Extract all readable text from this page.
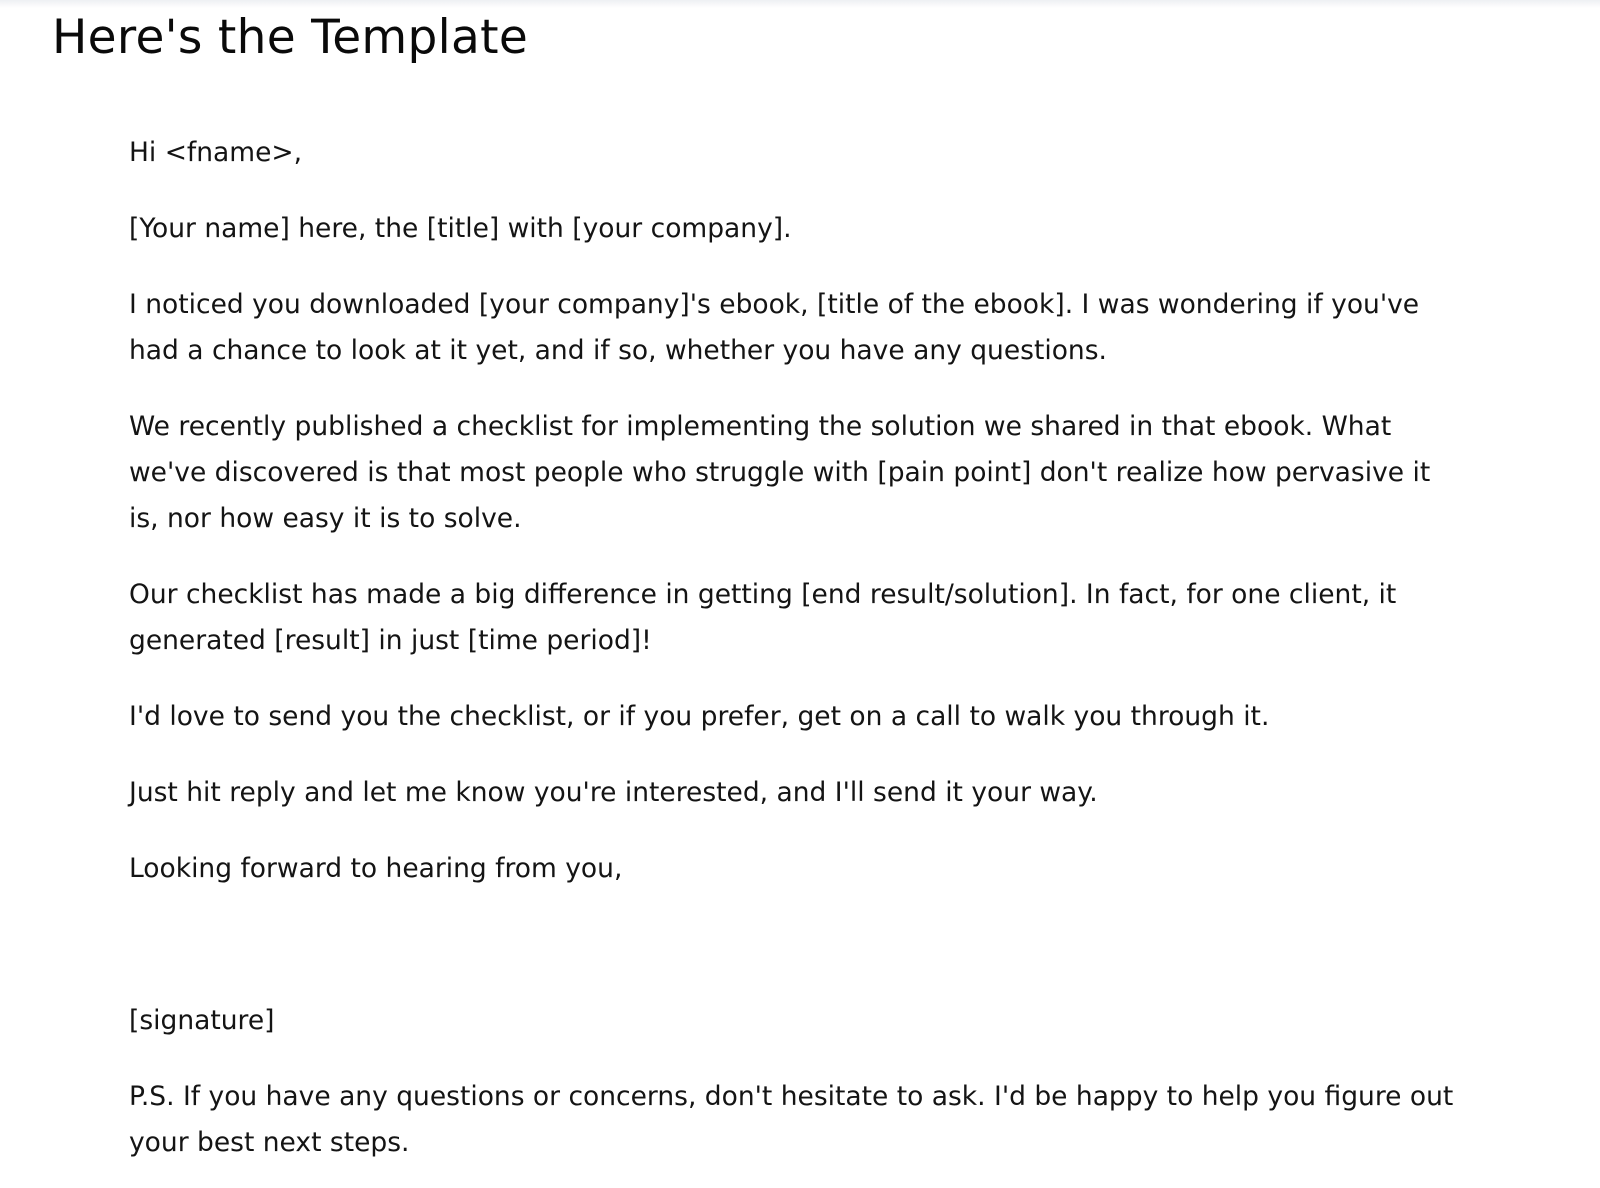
Here's the Template

Hi <fname>,

[Your name] here, the [title] with [your company].

I noticed you downloaded [your company]'s ebook, [title of the ebook]. I was wondering if you've had a chance to look at it yet, and if so, whether you have any questions.

We recently published a checklist for implementing the solution we shared in that ebook. What we've discovered is that most people who struggle with [pain point] don't realize how pervasive it is, nor how easy it is to solve.

Our checklist has made a big difference in getting [end result/solution]. In fact, for one client, it generated [result] in just [time period]!

I'd love to send you the checklist, or if you prefer, get on a call to walk you through it.

Just hit reply and let me know you're interested, and I'll send it your way.

Looking forward to hearing from you,

[signature]

P.S. If you have any questions or concerns, don't hesitate to ask. I'd be happy to help you figure out your best next steps.
